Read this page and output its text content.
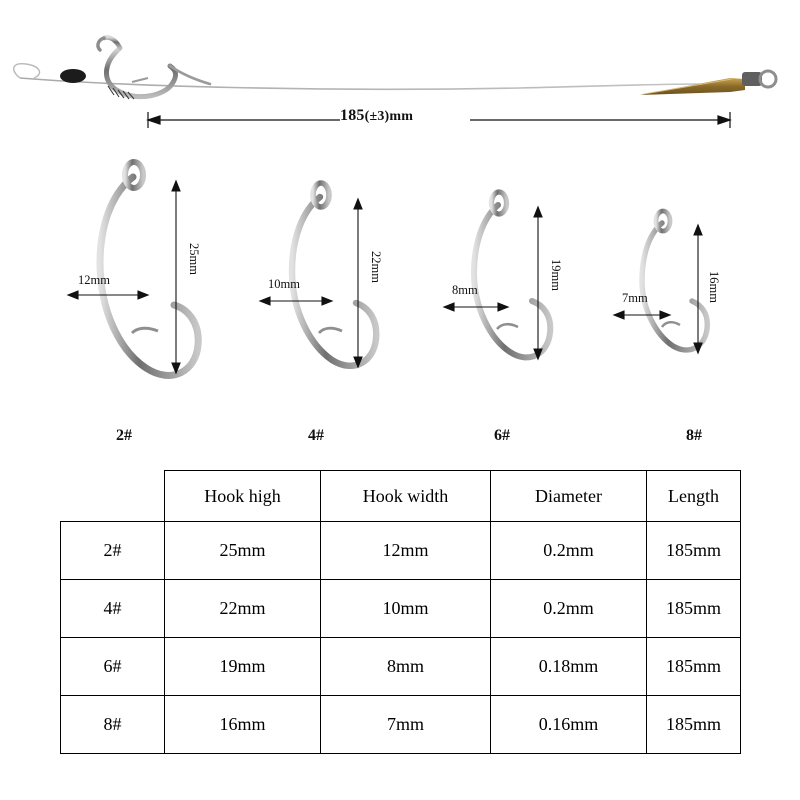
185(±3)mm
12mm
25mm
2#
10mm
22mm
4#
8mm	19mm
6#
7mm	16mm
8#
	Hook high	Hook width	Diameter	Length
2#	25mm	12mm	0.2mm	185mm
4#	22mm	10mm	0.2mm	185mm
6#	19mm	8mm	0.18mm	185mm
8#	16mm	7mm	0.16mm	185mm
